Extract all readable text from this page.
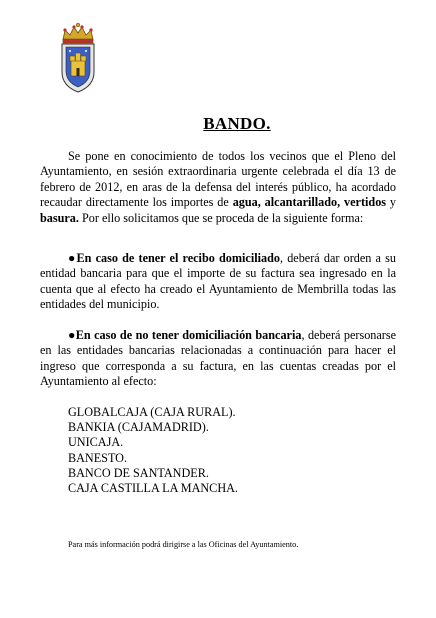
BANDO.

Se pone en conocimiento de todos los vecinos que el Pleno del Ayuntamiento, en sesión extraordinaria urgente celebrada el día 13 de febrero de 2012, en aras de la defensa del interés público, ha acordado recaudar directamente los importes de agua, alcantarillado, vertidos y basura. Por ello solicitamos que se proceda de la siguiente forma:

●En caso de tener el recibo domiciliado, deberá dar orden a su entidad bancaria para que el importe de su factura sea ingresado en la cuenta que al efecto ha creado el Ayuntamiento de Membrilla todas las entidades del municipio.

●En caso de no tener domiciliación bancaria, deberá personarse en las entidades bancarias relacionadas a continuación para hacer el ingreso que corresponda a su factura, en las cuentas creadas por el Ayuntamiento al efecto:

GLOBALCAJA (CAJA RURAL).
BANKIA (CAJAMADRID).
UNICAJA.
BANESTO.
BANCO DE SANTANDER.
CAJA CASTILLA LA MANCHA.

Para más información podrá dirigirse a las Oficinas del Ayuntamiento.
